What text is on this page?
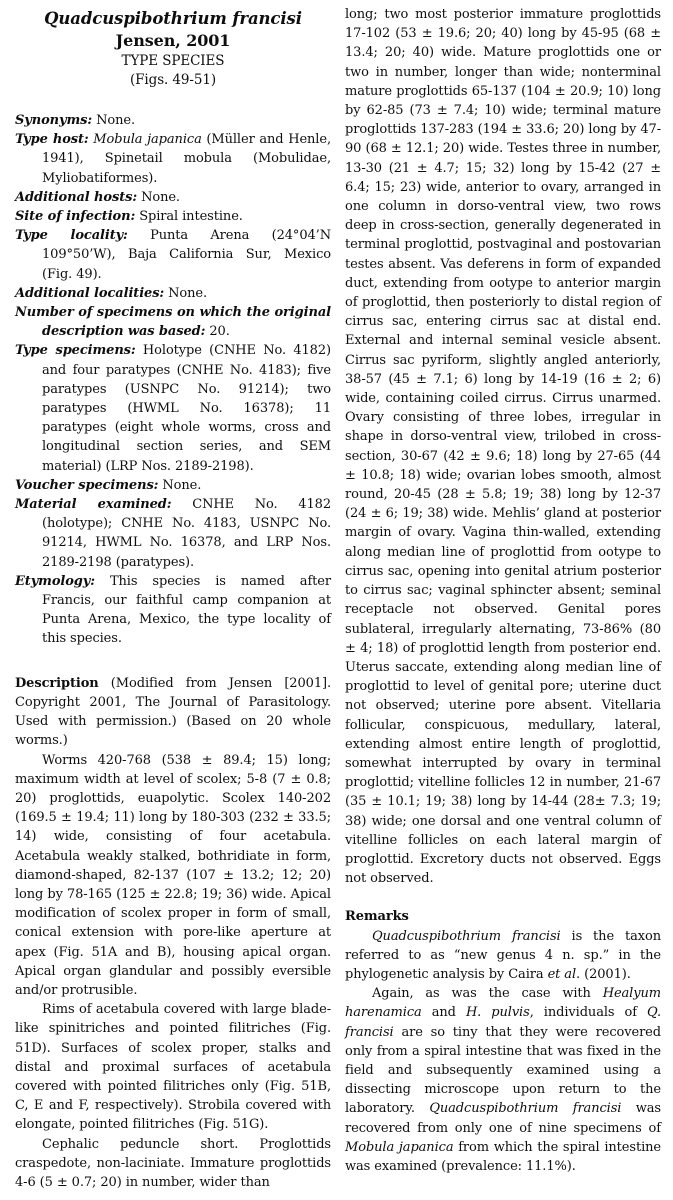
Quadcuspibothrium francisi
Jensen, 2001
TYPE SPECIES
(Figs. 49-51)

Synonyms: None.

Type host: Mobula japanica (Müller and Henle, 1941), Spinetail mobula (Mobulidae, Myliobatiformes).

Additional hosts: None.

Site of infection: Spiral intestine.

Type locality: Punta Arena (24°04’N 109°50’W), Baja California Sur, Mexico (Fig. 49).

Additional localities: None.

Number of specimens on which the original description was based: 20.

Type specimens: Holotype (CNHE No. 4182) and four paratypes (CNHE No. 4183); five paratypes (USNPC No. 91214); two paratypes (HWML No. 16378); 11 paratypes (eight whole worms, cross and longitudinal section series, and SEM material) (LRP Nos. 2189-2198).

Voucher specimens: None.

Material examined: CNHE No. 4182 (holotype); CNHE No. 4183, USNPC No. 91214, HWML No. 16378, and LRP Nos. 2189-2198 (paratypes).

Etymology: This species is named after Francis, our faithful camp companion at Punta Arena, Mexico, the type locality of this species.

Description (Modified from Jensen [2001]. Copyright 2001, The Journal of Parasitology. Used with permission.) (Based on 20 whole worms.)

Worms 420-768 (538 ± 89.4; 15) long; maximum width at level of scolex; 5-8 (7 ± 0.8; 20) proglottids, euapolytic. Scolex 140-202 (169.5 ± 19.4; 11) long by 180-303 (232 ± 33.5; 14) wide, consisting of four acetabula. Acetabula weakly stalked, bothridiate in form, diamond-shaped, 82-137 (107 ± 13.2; 12; 20) long by 78-165 (125 ± 22.8; 19; 36) wide. Apical modification of scolex proper in form of small, conical extension with pore-like aperture at apex (Fig. 51A and B), housing apical organ. Apical organ glandular and possibly eversible and/or protrusible.

Rims of acetabula covered with large blade-like spinitriches and pointed filitriches (Fig. 51D). Surfaces of scolex proper, stalks and distal and proximal surfaces of acetabula covered with pointed filitriches only (Fig. 51B, C, E and F, respectively). Strobila covered with elongate, pointed filitriches (Fig. 51G).

Cephalic peduncle short. Proglottids craspedote, non-laciniate. Immature proglottids 4-6 (5 ± 0.7; 20) in number, wider than

long; two most posterior immature proglottids 17-102 (53 ± 19.6; 20; 40) long by 45-95 (68 ± 13.4; 20; 40) wide. Mature proglottids one or two in number, longer than wide; nonterminal mature proglottids 65-137 (104 ± 20.9; 10) long by 62-85 (73 ± 7.4; 10) wide; terminal mature proglottids 137-283 (194 ± 33.6; 20) long by 47-90 (68 ± 12.1; 20) wide. Testes three in number, 13-30 (21 ± 4.7; 15; 32) long by 15-42 (27 ± 6.4; 15; 23) wide, anterior to ovary, arranged in one column in dorso-ventral view, two rows deep in cross-section, generally degenerated in terminal proglottid, postvaginal and postovarian testes absent. Vas deferens in form of expanded duct, extending from ootype to anterior margin of proglottid, then posteriorly to distal region of cirrus sac, entering cirrus sac at distal end. External and internal seminal vesicle absent. Cirrus sac pyriform, slightly angled anteriorly, 38-57 (45 ± 7.1; 6) long by 14-19 (16 ± 2; 6) wide, containing coiled cirrus. Cirrus unarmed. Ovary consisting of three lobes, irregular in shape in dorso-ventral view, trilobed in cross-section, 30-67 (42 ± 9.6; 18) long by 27-65 (44 ± 10.8; 18) wide; ovarian lobes smooth, almost round, 20-45 (28 ± 5.8; 19; 38) long by 12-37 (24 ± 6; 19; 38) wide. Mehlis’ gland at posterior margin of ovary. Vagina thin-walled, extending along median line of proglottid from ootype to cirrus sac, opening into genital atrium posterior to cirrus sac; vaginal sphincter absent; seminal receptacle not observed. Genital pores sublateral, irregularly alternating, 73-86% (80 ± 4; 18) of proglottid length from posterior end. Uterus saccate, extending along median line of proglottid to level of genital pore; uterine duct not observed; uterine pore absent. Vitellaria follicular, conspicuous, medullary, lateral, extending almost entire length of proglottid, somewhat interrupted by ovary in terminal proglottid; vitelline follicles 12 in number, 21-67 (35 ± 10.1; 19; 38) long by 14-44 (28± 7.3; 19; 38) wide; one dorsal and one ventral column of vitelline follicles on each lateral margin of proglottid. Excretory ducts not observed. Eggs not observed.

Remarks

Quadcuspibothrium francisi is the taxon referred to as “new genus 4 n. sp.” in the phylogenetic analysis by Caira et al. (2001).

Again, as was the case with Healyum harenamica and H. pulvis, individuals of Q. francisi are so tiny that they were recovered only from a spiral intestine that was fixed in the field and subsequently examined using a dissecting microscope upon return to the laboratory. Quadcuspibothrium francisi was recovered from only one of nine specimens of Mobula japanica from which the spiral intestine was examined (prevalence: 11.1%).
